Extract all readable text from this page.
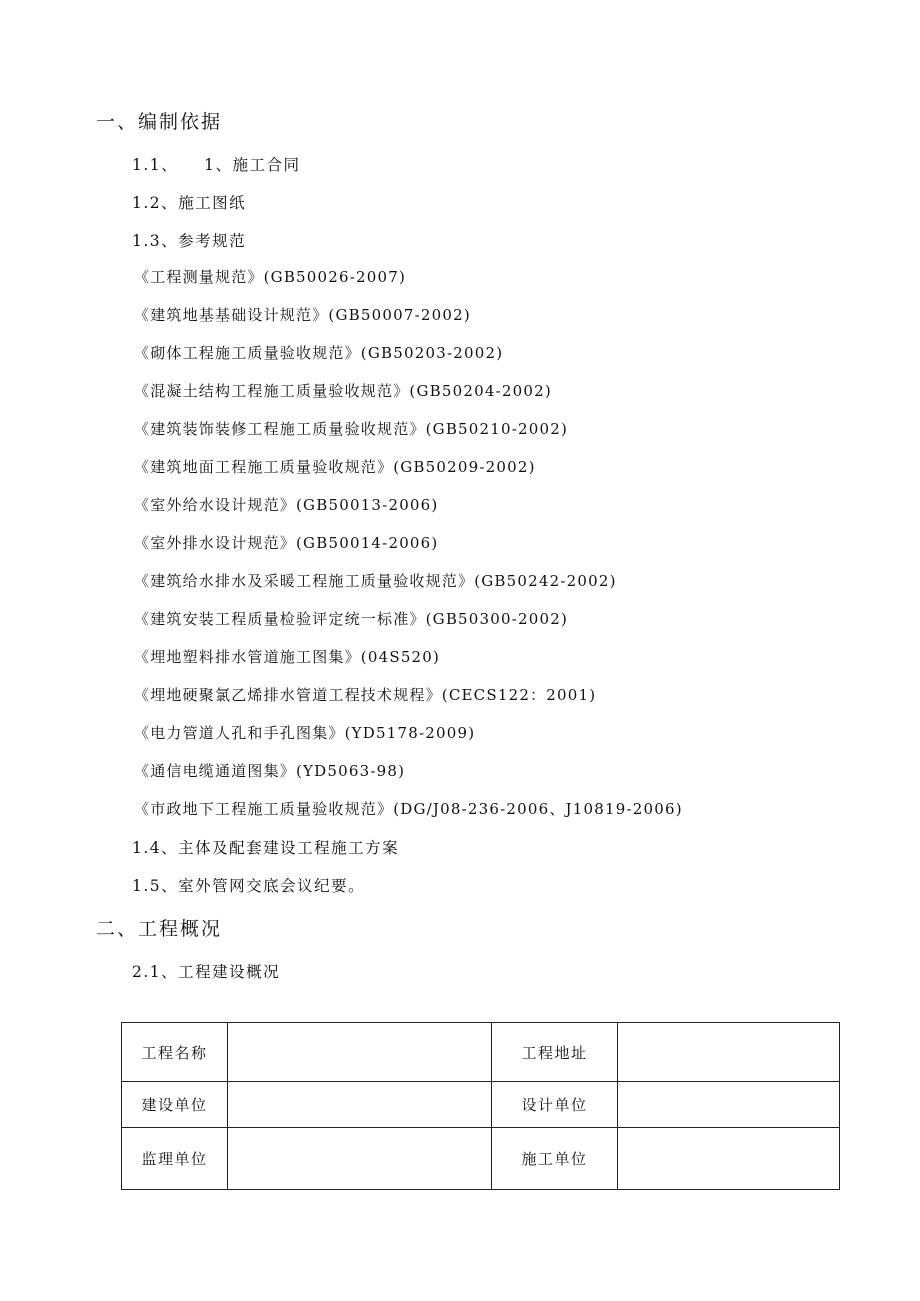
一、编制依据
1.1、 1、施工合同
1.2、施工图纸
1.3、参考规范
《工程测量规范》(GB50026-2007)
《建筑地基基础设计规范》(GB50007-2002)
《砌体工程施工质量验收规范》(GB50203-2002)
《混凝土结构工程施工质量验收规范》(GB50204-2002)
《建筑装饰装修工程施工质量验收规范》(GB50210-2002)
《建筑地面工程施工质量验收规范》(GB50209-2002)
《室外给水设计规范》(GB50013-2006)
《室外排水设计规范》(GB50014-2006)
《建筑给水排水及采暖工程施工质量验收规范》(GB50242-2002)
《建筑安装工程质量检验评定统一标准》(GB50300-2002)
《埋地塑料排水管道施工图集》(04S520)
《埋地硬聚氯乙烯排水管道工程技术规程》(CECS122：2001)
《电力管道人孔和手孔图集》(YD5178-2009)
《通信电缆通道图集》(YD5063-98)
《市政地下工程施工质量验收规范》(DG/J08-236-2006、J10819-2006)
1.4、主体及配套建设工程施工方案
1.5、室外管网交底会议纪要。
二、工程概况
2.1、工程建设概况
工程名称		工程地址	
建设单位		设计单位	
监理单位		施工单位	
